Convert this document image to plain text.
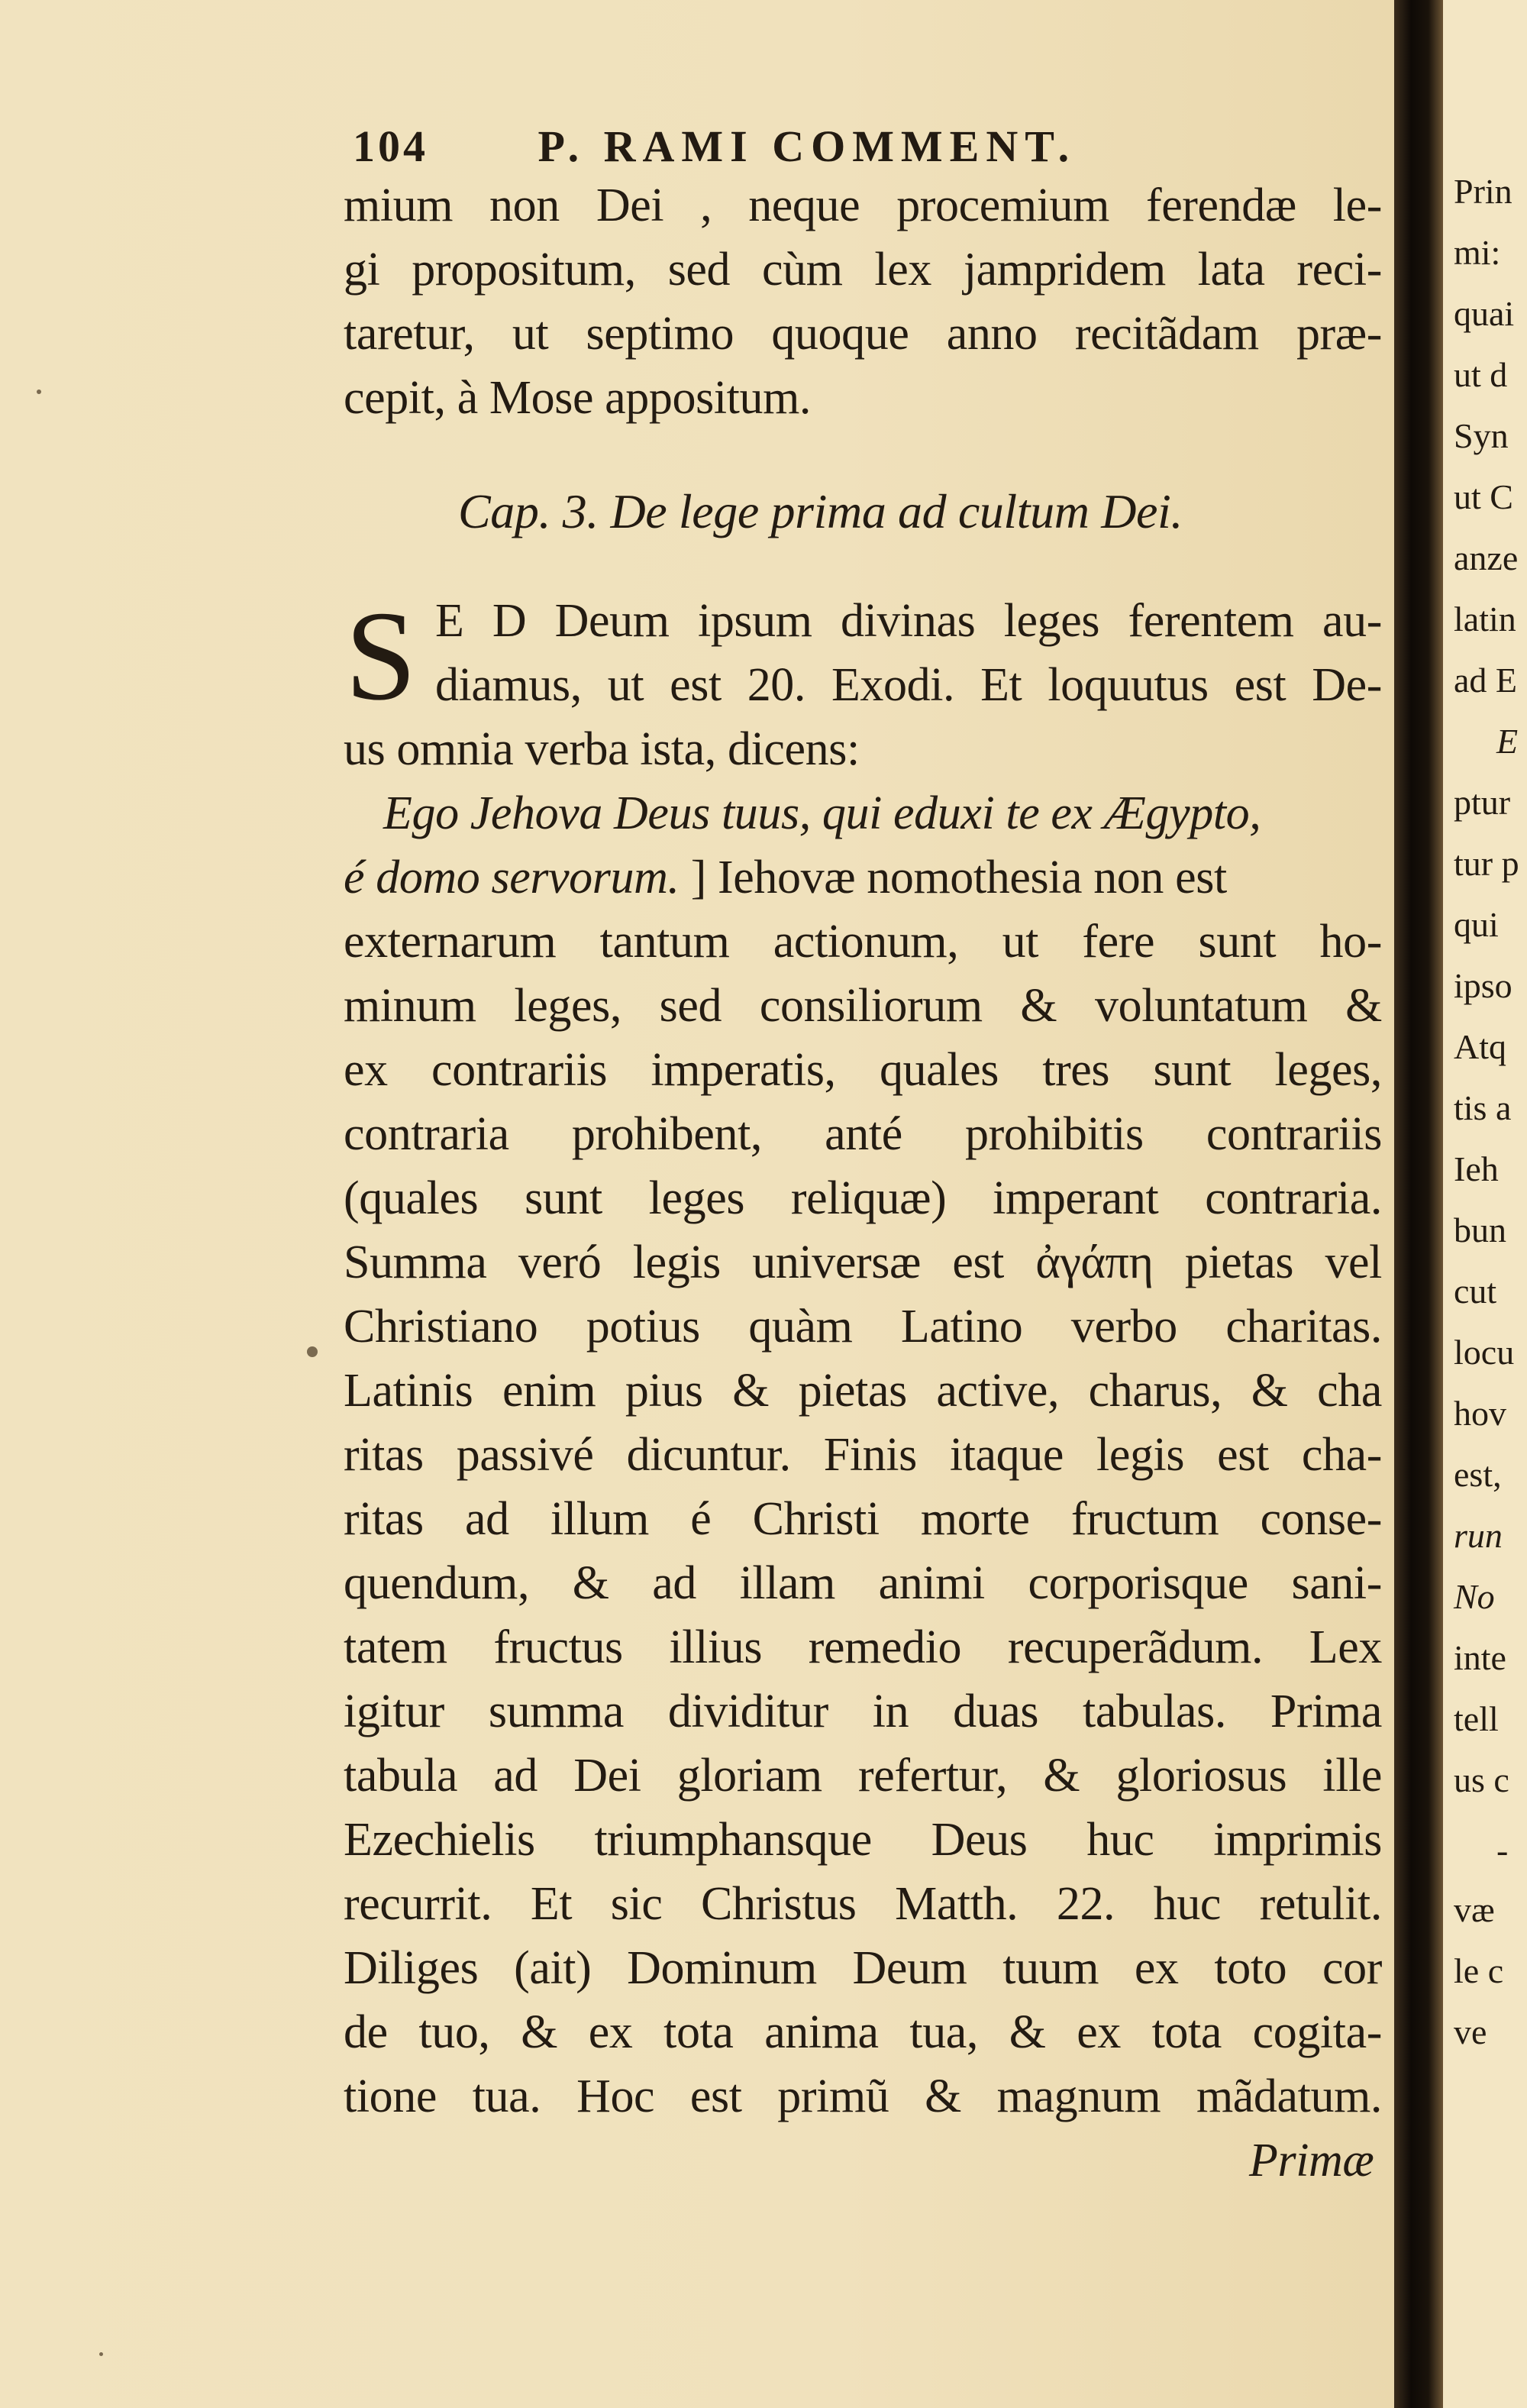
104 P. RAMI COMMENT.
mium non Dei , neque procemium ferendæ le-
gi propositum, sed cùm lex jampridem lata reci-
taretur, ut septimo quoque anno recitãdam præ-
cepit, à Mose appositum.
Cap. 3. De lege prima ad cultum Dei.
S E D Deum ipsum divinas leges ferentem au-
diamus, ut est 20. Exodi. Et loquutus est De-
us omnia verba ista, dicens:
Ego Jehova Deus tuus, qui eduxi te ex Ægypto,
é domo servorum. ] Iehovæ nomothesia non est
externarum tantum actionum, ut fere sunt ho-
minum leges, sed consiliorum & voluntatum &
ex contrariis imperatis, quales tres sunt leges,
contraria prohibent, anté prohibitis contrariis
(quales sunt leges reliquæ) imperant contraria.
Summa veró legis universæ est ἀγάπη pietas vel
Christiano potius quàm Latino verbo charitas.
Latinis enim pius & pietas active, charus, & cha
ritas passivé dicuntur. Finis itaque legis est cha-
ritas ad illum é Christi morte fructum conse-
quendum, & ad illam animi corporisque sani-
tatem fructus illius remedio recuperãdum. Lex
igitur summa dividitur in duas tabulas. Prima
tabula ad Dei gloriam refertur, & gloriosus ille
Ezechielis triumphansque Deus huc imprimis
recurrit. Et sic Christus Matth. 22. huc retulit.
Diliges (ait) Dominum Deum tuum ex toto cor
de tuo, & ex tota anima tua, & ex tota cogita-
tione tua. Hoc est primũ & magnum mãdatum.
Primæ
Prin
mi:
quai
ut d
Syn
ut C
anze
latin
ad E
E
ptur
tur p
qui
ipso
Atq
tis a
Ieh
bun
cut
locu
hov
est,
run
No
inte
tell
us c
-
væ
le c
ve
